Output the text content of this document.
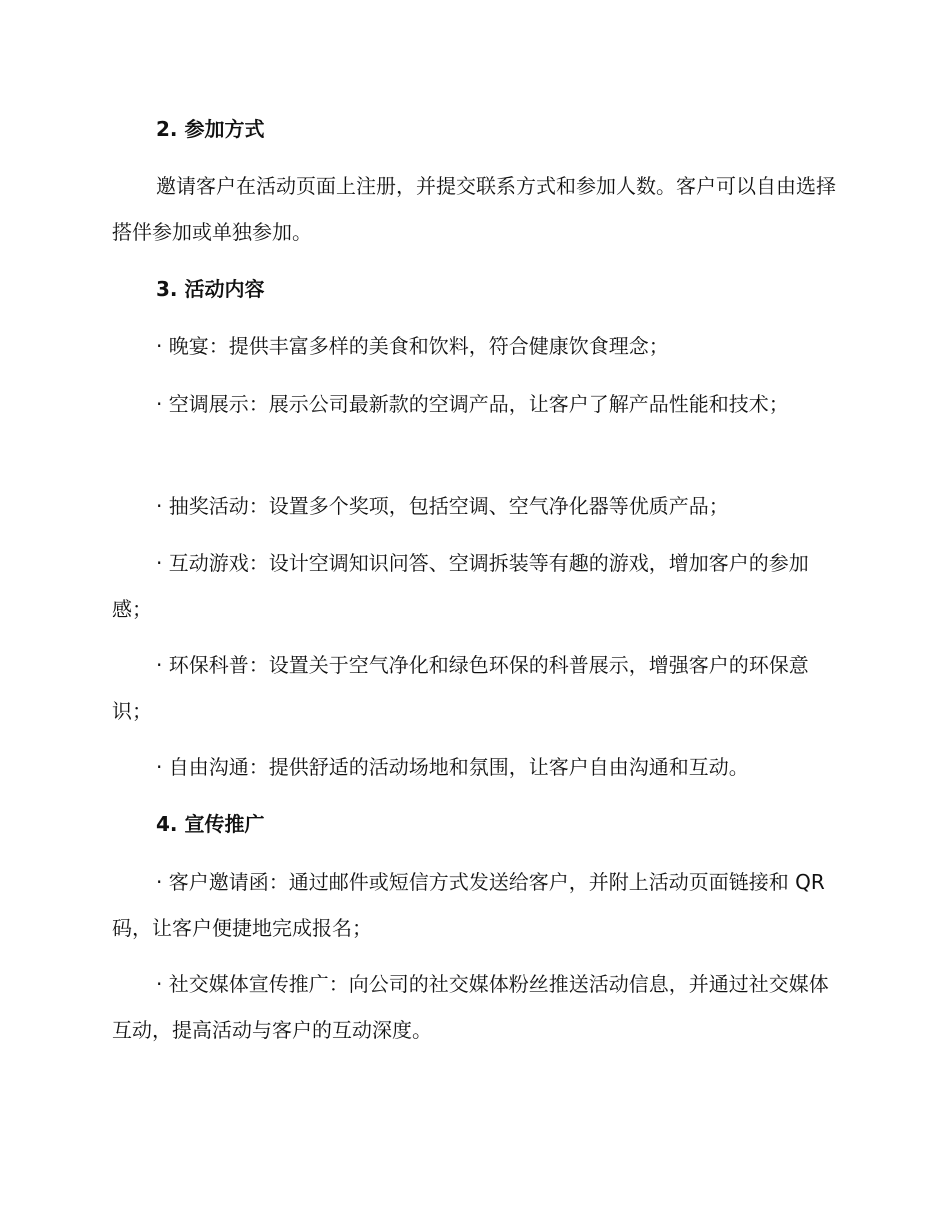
2. 参加方式

邀请客户在活动页面上注册，并提交联系方式和参加人数。客户可以自由选择搭伴参加或单独参加。

3. 活动内容

· 晚宴：提供丰富多样的美食和饮料，符合健康饮食理念；

· 空调展示：展示公司最新款的空调产品，让客户了解产品性能和技术；

· 抽奖活动：设置多个奖项，包括空调、空气净化器等优质产品；

· 互动游戏：设计空调知识问答、空调拆装等有趣的游戏，增加客户的参加感；

· 环保科普：设置关于空气净化和绿色环保的科普展示，增强客户的环保意识；

· 自由沟通：提供舒适的活动场地和氛围，让客户自由沟通和互动。

4. 宣传推广

· 客户邀请函：通过邮件或短信方式发送给客户，并附上活动页面链接和 QR 码，让客户便捷地完成报名；

· 社交媒体宣传推广：向公司的社交媒体粉丝推送活动信息，并通过社交媒体互动，提高活动与客户的互动深度。
